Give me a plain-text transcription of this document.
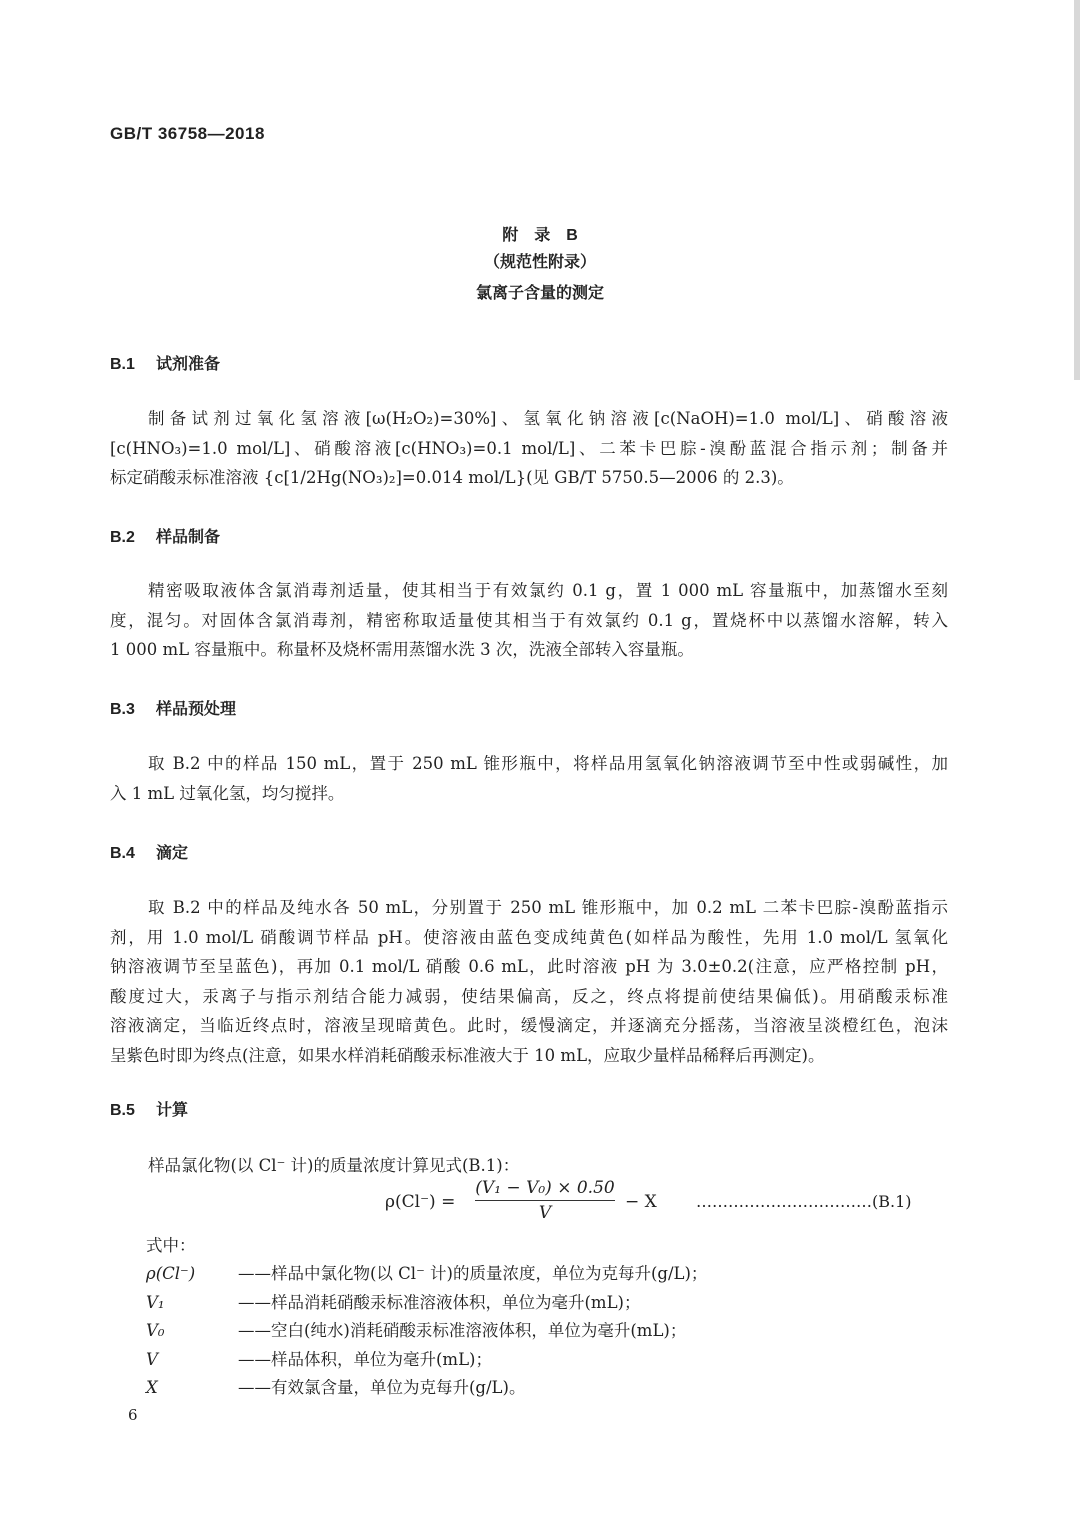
GB/T 36758—2018
附　录　B
（规范性附录）
氯离子含量的测定
B.1 试剂准备
制备试剂过氧化氢溶液[ω(H₂O₂)=30%]、氢氧化钠溶液[c(NaOH)=1.0 mol/L]、硝酸溶液
[c(HNO₃)=1.0 mol/L]、硝酸溶液[c(HNO₃)=0.1 mol/L]、二苯卡巴腙-溴酚蓝混合指示剂；制备并
标定硝酸汞标准溶液 {c[1/2Hg(NO₃)₂]=0.014 mol/L}(见 GB/T 5750.5—2006 的 2.3)。
B.2 样品制备
精密吸取液体含氯消毒剂适量，使其相当于有效氯约 0.1 g，置 1 000 mL 容量瓶中，加蒸馏水至刻
度，混匀。对固体含氯消毒剂，精密称取适量使其相当于有效氯约 0.1 g，置烧杯中以蒸馏水溶解，转入
1 000 mL 容量瓶中。称量杯及烧杯需用蒸馏水洗 3 次，洗液全部转入容量瓶。
B.3 样品预处理
取 B.2 中的样品 150 mL，置于 250 mL 锥形瓶中，将样品用氢氧化钠溶液调节至中性或弱碱性，加
入 1 mL 过氧化氢，均匀搅拌。
B.4 滴定
取 B.2 中的样品及纯水各 50 mL，分别置于 250 mL 锥形瓶中，加 0.2 mL 二苯卡巴腙-溴酚蓝指示
剂，用 1.0 mol/L 硝酸调节样品 pH。使溶液由蓝色变成纯黄色(如样品为酸性，先用 1.0 mol/L 氢氧化
钠溶液调节至呈蓝色)，再加 0.1 mol/L 硝酸 0.6 mL，此时溶液 pH 为 3.0±0.2(注意，应严格控制 pH，
酸度过大，汞离子与指示剂结合能力减弱，使结果偏高，反之，终点将提前使结果偏低)。用硝酸汞标准
溶液滴定，当临近终点时，溶液呈现暗黄色。此时，缓慢滴定，并逐滴充分摇荡，当溶液呈淡橙红色，泡沫
呈紫色时即为终点(注意，如果水样消耗硝酸汞标准液大于 10 mL，应取少量样品稀释后再测定)。
B.5 计算
样品氯化物(以 Cl⁻ 计)的质量浓度计算见式(B.1)：
$\rho(Cl^-) = \frac{\text{(V₁ − V₀) × 0.50}}{V} - X$ ……………………………(B.1)
式中：
ρ(Cl⁻)	——样品中氯化物(以 Cl⁻ 计)的质量浓度，单位为克每升(g/L)；
V₁	——样品消耗硝酸汞标准溶液体积，单位为毫升(mL)；
V₀	——空白(纯水)消耗硝酸汞标准溶液体积，单位为毫升(mL)；
V	——样品体积，单位为毫升(mL)；
X	——有效氯含量，单位为克每升(g/L)。
6
